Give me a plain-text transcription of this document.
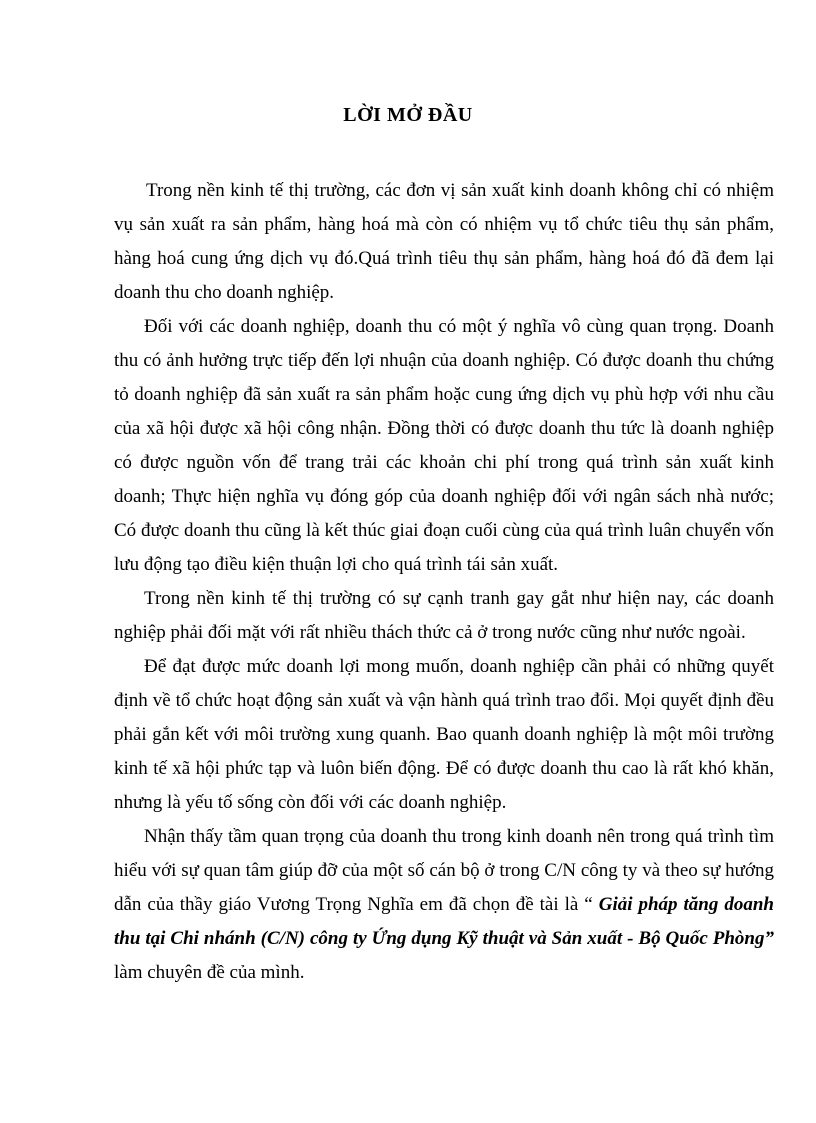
LỜI MỞ ĐẦU

Trong nền kinh tế thị trường, các đơn vị sản xuất kinh doanh không chỉ có nhiệm vụ sản xuất ra sản phẩm, hàng hoá mà còn có nhiệm vụ tổ chức tiêu thụ sản phẩm, hàng hoá cung ứng dịch vụ đó.Quá trình tiêu thụ sản phẩm, hàng hoá đó đã đem lại doanh thu cho doanh nghiệp.

Đối với các doanh nghiệp, doanh thu có một ý nghĩa vô cùng quan trọng. Doanh thu có ảnh hưởng trực tiếp đến lợi nhuận của doanh nghiệp. Có được doanh thu chứng tỏ doanh nghiệp đã sản xuất ra sản phẩm hoặc cung ứng dịch vụ phù hợp với nhu cầu của xã hội được xã hội công nhận. Đồng thời có được doanh thu tức là doanh nghiệp có được nguồn vốn để trang trải các khoản chi phí trong quá trình sản xuất kinh doanh; Thực hiện nghĩa vụ đóng góp của doanh nghiệp đối với ngân sách nhà nước; Có được doanh thu cũng là kết thúc giai đoạn cuối cùng của quá trình luân chuyển vốn lưu động tạo điều kiện thuận lợi cho quá trình tái sản xuất.

Trong nền kinh tế thị trường có sự cạnh tranh gay gắt như hiện nay, các doanh nghiệp phải đối mặt với rất nhiều thách thức cả ở trong nước cũng như nước ngoài.

Để đạt được mức doanh lợi mong muốn, doanh nghiệp cần phải có những quyết định về tổ chức hoạt động sản xuất và vận hành quá trình trao đổi. Mọi quyết định đều phải gắn kết với môi trường xung quanh. Bao quanh doanh nghiệp là một môi trường kinh tế xã hội phức tạp và luôn biến động. Để có được doanh thu cao là rất khó khăn, nhưng là yếu tố sống còn đối với các doanh nghiệp.

Nhận thấy tầm quan trọng của doanh thu trong kinh doanh nên trong quá trình tìm hiểu với sự quan tâm giúp đỡ của một số cán bộ ở trong C/N công ty và theo sự hướng dẫn của thầy giáo Vương Trọng Nghĩa em đã chọn đề tài là “ Giải pháp tăng doanh thu tại Chi nhánh (C/N) công ty Ứng dụng Kỹ thuật và Sản xuất - Bộ Quốc Phòng” làm chuyên đề của mình.
